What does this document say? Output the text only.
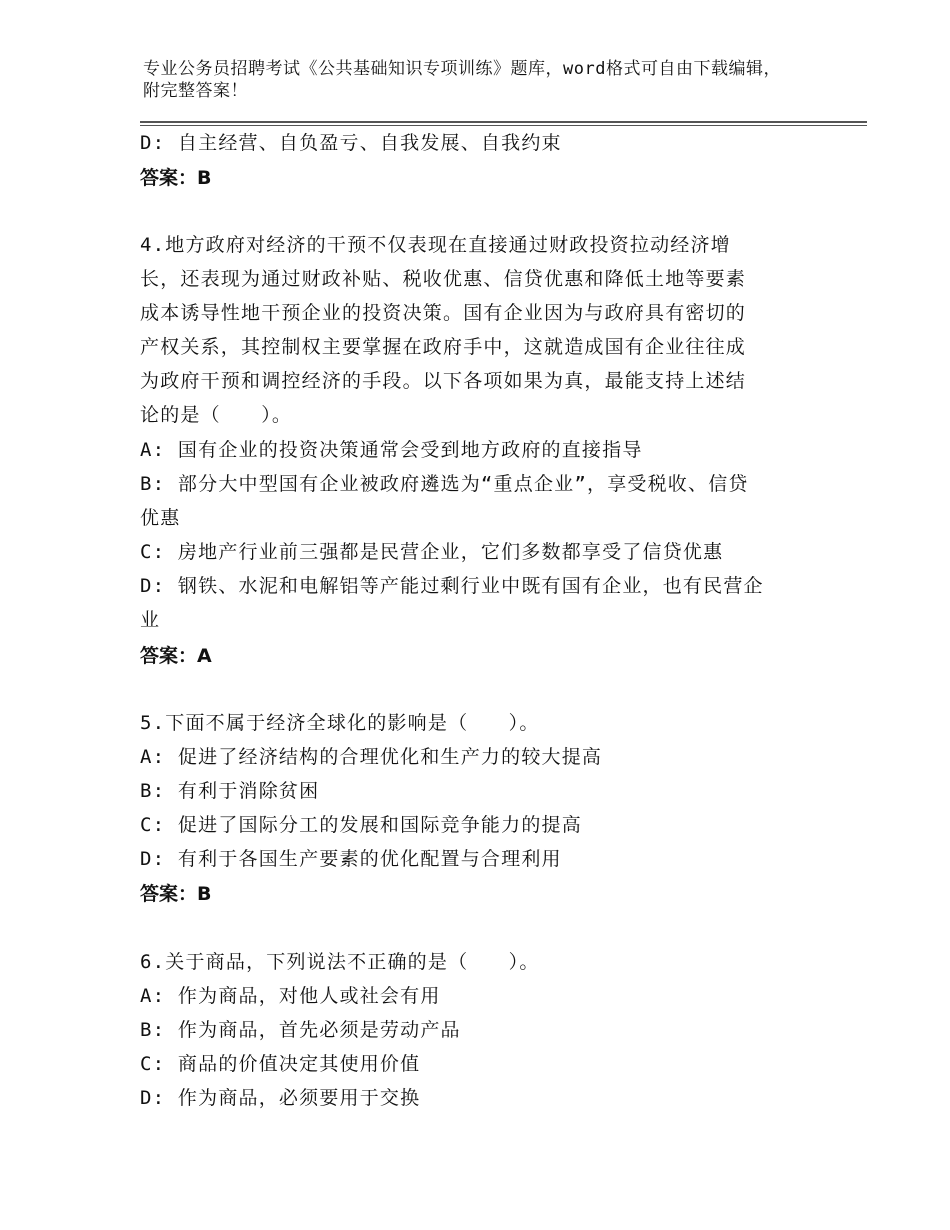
专业公务员招聘考试《公共基础知识专项训练》题库，word格式可自由下载编辑，附完整答案！
D: 自主经营、自负盈亏、自我发展、自我约束
答案：B
4.地方政府对经济的干预不仅表现在直接通过财政投资拉动经济增
长，还表现为通过财政补贴、税收优惠、信贷优惠和降低土地等要素
成本诱导性地干预企业的投资决策。国有企业因为与政府具有密切的
产权关系，其控制权主要掌握在政府手中，这就造成国有企业往往成
为政府干预和调控经济的手段。以下各项如果为真，最能支持上述结
论的是（　　）。
A: 国有企业的投资决策通常会受到地方政府的直接指导
B: 部分大中型国有企业被政府遴选为“重点企业”，享受税收、信贷
优惠
C: 房地产行业前三强都是民营企业，它们多数都享受了信贷优惠
D: 钢铁、水泥和电解铝等产能过剩行业中既有国有企业，也有民营企
业
答案：A
5.下面不属于经济全球化的影响是（　　）。
A: 促进了经济结构的合理优化和生产力的较大提高
B: 有利于消除贫困
C: 促进了国际分工的发展和国际竞争能力的提高
D: 有利于各国生产要素的优化配置与合理利用
答案：B
6.关于商品，下列说法不正确的是（　　）。
A: 作为商品，对他人或社会有用
B: 作为商品，首先必须是劳动产品
C: 商品的价值决定其使用价值
D: 作为商品，必须要用于交换
